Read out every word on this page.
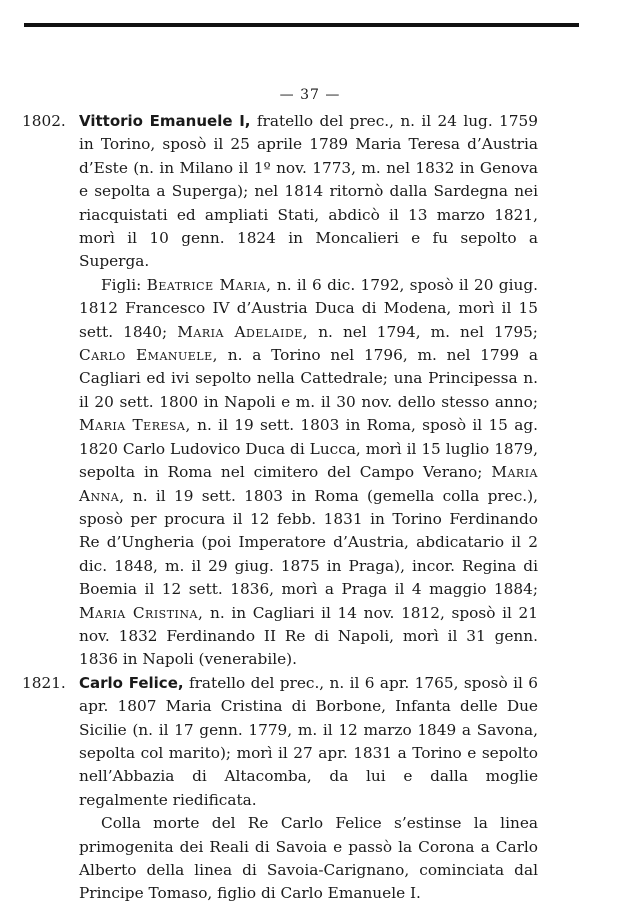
— 37 —
1802. Vittorio Emanuele I, fratello del prec., n. il 24 lug. 1759 in Torino, sposò il 25 aprile 1789 Maria Teresa d’Austria d’Este (n. in Milano il 1º nov. 1773, m. nel 1832 in Genova e sepolta a Superga); nel 1814 ritornò dalla Sardegna nei riacquistati ed ampliati Stati, abdicò il 13 marzo 1821, morì il 10 genn. 1824 in Moncalieri e fu sepolto a Superga.

Figli: Beatrice Maria, n. il 6 dic. 1792, sposò il 20 giug. 1812 Francesco IV d’Austria Duca di Modena, morì il 15 sett. 1840; Maria Adelaide, n. nel 1794, m. nel 1795; Carlo Emanuele, n. a Torino nel 1796, m. nel 1799 a Cagliari ed ivi sepolto nella Cattedrale; una Principessa n. il 20 sett. 1800 in Napoli e m. il 30 nov. dello stesso anno; Maria Teresa, n. il 19 sett. 1803 in Roma, sposò il 15 ag. 1820 Carlo Ludovico Duca di Lucca, morì il 15 luglio 1879, sepolta in Roma nel cimitero del Campo Verano; Maria Anna, n. il 19 sett. 1803 in Roma (gemella colla prec.), sposò per procura il 12 febb. 1831 in Torino Ferdinando Re d’Ungheria (poi Imperatore d’Austria, abdicatario il 2 dic. 1848, m. il 29 giug. 1875 in Praga), incor. Regina di Boemia il 12 sett. 1836, morì a Praga il 4 maggio 1884; Maria Cristina, n. in Cagliari il 14 nov. 1812, sposò il 21 nov. 1832 Ferdinando II Re di Napoli, morì il 31 genn. 1836 in Napoli (venerabile).

1821. Carlo Felice, fratello del prec., n. il 6 apr. 1765, sposò il 6 apr. 1807 Maria Cristina di Borbone, Infanta delle Due Sicilie (n. il 17 genn. 1779, m. il 12 marzo 1849 a Savona, sepolta col marito); morì il 27 apr. 1831 a Torino e sepolto nell’Abbazia di Altacomba, da lui e dalla moglie regalmente riedificata.

Colla morte del Re Carlo Felice s’estinse la linea primogenita dei Reali di Savoia e passò la Corona a Carlo Alberto della linea di Savoia-Carignano, cominciata dal Principe Tomaso, figlio di Carlo Emanuele I.
